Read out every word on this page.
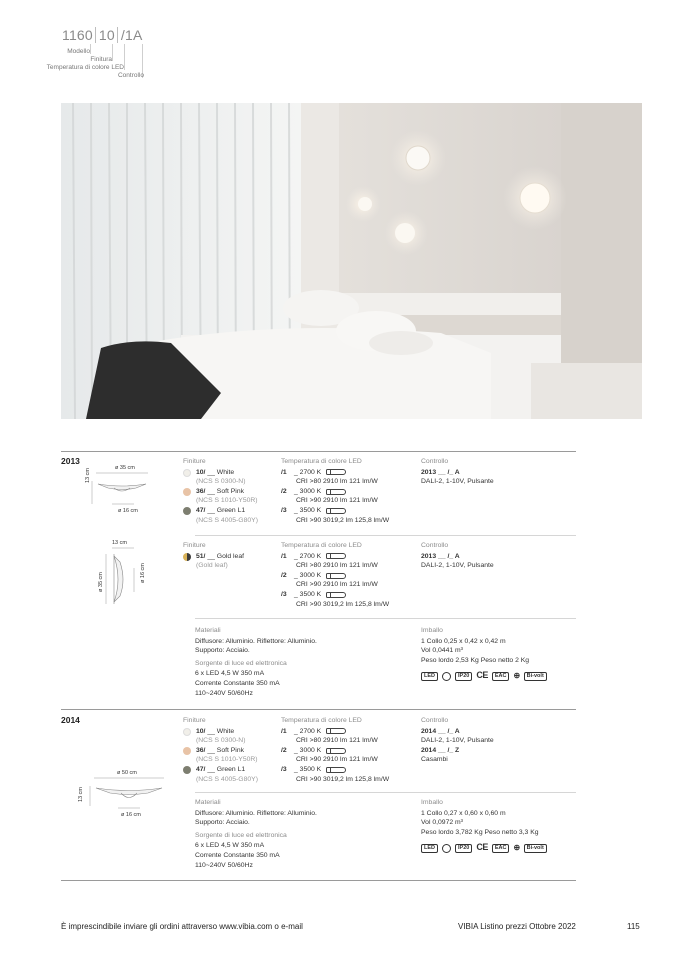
1160 10 /1A
Modello
Finitura
Temperatura di colore LED
Controllo
2013
ø 35 cm
13 cm
ø 16 cm
13 cm
ø 35 cm	ø 16 cm
Finiture
10/ __ White
(NCS S 0300-N)
36/ __ Soft Pink
(NCS S 1010-Y50R)
47/ __ Green L1
(NCS S 4005-G80Y)
Temperatura di colore LED
/1	_ 2700 K
CRI >80 2910 lm 121 lm/W
/2	_ 3000 K
CRI >90 2910 lm 121 lm/W
/3	_ 3500 K
CRI >90 3019,2 lm 125,8 lm/W
Controllo
2013 __ /_ A
DALI-2, 1-10V, Pulsante
Finiture
51/ __ Gold leaf
(Gold leaf)
Temperatura di colore LED
/1	_ 2700 K
CRI >80 2910 lm 121 lm/W
/2	_ 3000 K
CRI >90 2910 lm 121 lm/W
/3	_ 3500 K
CRI >90 3019,2 lm 125,8 lm/W
Controllo
2013 __ /_ A
DALI-2, 1-10V, Pulsante
Materiali
Diffusore: Alluminio. Riflettore: Alluminio.
Supporto: Acciaio.
Sorgente di luce ed elettronica
6 x LED 4,5 W 350 mA
Corrente Constante 350 mA
110~240V 50/60Hz
Imballo
1 Collo 0,25 x 0,42 x 0,42 m
Vol 0,0441 m³
Peso lordo 2,53 Kg Peso netto 2 Kg
LED	IP20 CE	EAC ⊕	Bi-volt
2014
ø 50 cm
13 cm
ø 16 cm
Finiture
10/ __ White
(NCS S 0300-N)
36/ __ Soft Pink
(NCS S 1010-Y50R)
47/ __ Green L1
(NCS S 4005-G80Y)
Temperatura di colore LED
/1	_ 2700 K
CRI >80 2910 lm 121 lm/W
/2	_ 3000 K
CRI >90 2910 lm 121 lm/W
/3	_ 3500 K
CRI >90 3019,2 lm 125,8 lm/W
Controllo
2014 __ /_ A
DALI-2, 1-10V, Pulsante
2014 __ /_ Z
Casambi
Materiali
Diffusore: Alluminio. Riflettore: Alluminio.
Supporto: Acciaio.
Sorgente di luce ed elettronica
6 x LED 4,5 W 350 mA
Corrente Constante 350 mA
110~240V 50/60Hz
Imballo
1 Collo 0,27 x 0,60 x 0,60 m
Vol 0,0972 m³
Peso lordo 3,782 Kg Peso netto 3,3 Kg
LED	IP20 CE	EAC ⊕	Bi-volt
È imprescindibile inviare gli ordini attraverso www.vibia.com o e-mail	VIBIA Listino prezzi Ottobre 2022	115
